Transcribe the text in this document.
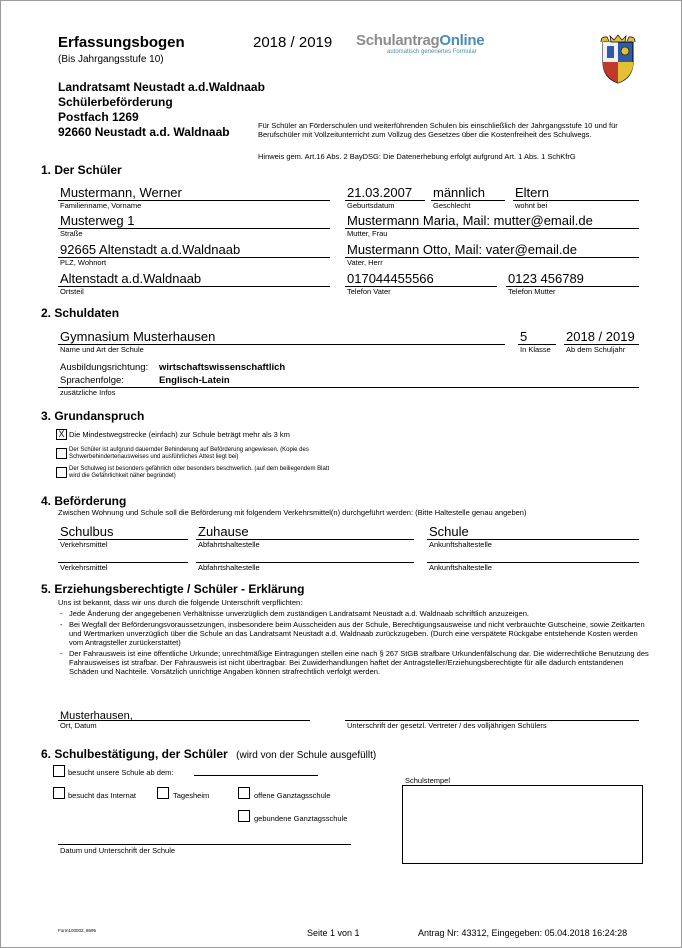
Erfassungsbogen
(Bis Jahrgangsstufe 10)
2018 / 2019 SchulantragOnline
automatisch generiertes Formular
Landratsamt Neustadt a.d.Waldnaab
Schülerbeförderung
Postfach 1269
92660 Neustadt a.d. Waldnaab	Für Schüler an Förderschulen und weiterführenden Schulen bis einschließlich der Jahrgangsstufe 10 und für Berufschüler mit Vollzeitunterricht zum Vollzug des Gesetzes über die Kostenfreiheit des Schulwegs.
Hinweis gem. Art.16 Abs. 2 BayDSG: Die Datenerhebung erfolgt aufgrund Art. 1 Abs. 1 SchKfrG
1. Der Schüler
Mustermann, Werner
Familienname, Vorname
21.03.2007
Geburtsdatum
männlich
Geschlecht
Eltern
wohnt bei
Musterweg 1
Straße
Mustermann Maria, Mail: mutter@email.de
Mutter, Frau
92665 Altenstadt a.d.Waldnaab
PLZ, Wohnort
Mustermann Otto, Mail: vater@email.de
Vater, Herr
Altenstadt a.d.Waldnaab
Ortsteil
017044455566
Telefon Vater
0123 456789
Telefon Mutter
2. Schuldaten
Gymnasium Musterhausen
Name und Art der Schule
5
In Klasse
2018 / 2019
Ab dem Schuljahr
Ausbildungsrichtung: wirtschaftswissenschaftlich
Sprachenfolge:	Englisch-Latein
zusätzliche Infos
3. Grundanspruch
X Die Mindestwegstrecke (einfach) zur Schule beträgt mehr als 3 km
Der Schüler ist aufgrund dauernder Behinderung auf Beförderung angewiesen. (Kopie des Schwerbehindertenausweises und ausführliches Attest liegt bei)
Der Schulweg ist besonders gefährlich oder besonders beschwerlich. (auf dem beiliegendem Blatt wird die Gefährlichkeit näher begründet)
4. Beförderung
Zwischen Wohnung und Schule soll die Beförderung mit folgendem Verkehrsmittel(n) durchgeführt werden: (Bitte Haltestelle genau angeben)
Schulbus
Verkehrsmittel
Zuhause
Abfahrtshaltestelle
Schule
Ankunftshaltestelle
Verkehrsmittel	Abfahrtshaltestelle	Ankunftshaltestelle
5. Erziehungsberechtigte / Schüler - Erklärung
Uns ist bekannt, dass wir uns durch die folgende Unterschrift verpflichten:
- Jede Änderung der angegebenen Verhältnisse unverzüglich dem zuständigen Landratsamt Neustadt a.d. Waldnaab schriftlich anzuzeigen.
- Bei Wegfall der Beförderungsvoraussetzungen, insbesondere beim Ausscheiden aus der Schule, Berechtigungsausweise und nicht verbrauchte Gutscheine, sowie Zeitkarten und Wertmarken unverzüglich über die Schule an das Landratsamt Neustadt a.d. Waldnaab zurückzugeben. (Durch eine verspätete Rückgabe entstehende Kosten werden vom Antragsteller zurückerstattet)
- Der Fahrausweis ist eine öffentliche Urkunde; unrechtmäßige Eintragungen stellen eine nach § 267 StGB strafbare Urkundenfälschung dar. Die widerrechtliche Benutzung des Fahrausweises ist strafbar. Der Fahrausweis ist nicht übertragbar. Bei Zuwiderhandlungen haftet der Antragsteller/Erziehungsberechtigte für alle dadurch entstandenen Schäden und Nachteile. Vorsätzlich unrichtige Angaben können strafrechtlich verfolgt werden.
Musterhausen,
Ort, Datum	Unterschrift der gesetzl. Vertreter / des volljährigen Schülers
6. Schulbestätigung, der Schüler (wird von der Schule ausgefüllt)
besucht unsere Schule ab dem:
besucht das Internat	Tagesheim	offene Ganztagsschule
gebundene Ganztagsschule
Schulstempel
Datum und Unterschrift der Schule
Form100002, 8695	Seite 1 von 1	Antrag Nr: 43312, Eingegeben: 05.04.2018 16:24:28
